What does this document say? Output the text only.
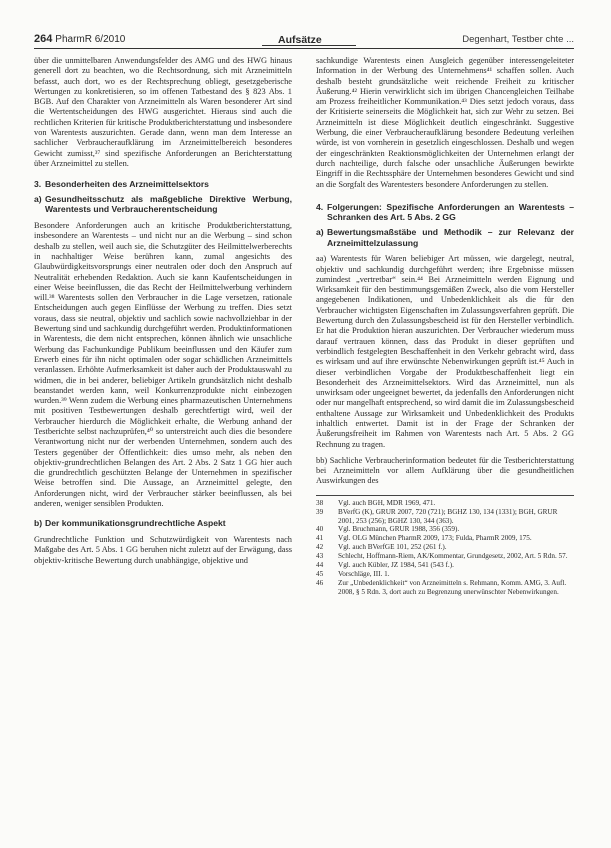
264 PharmR 6/2010	Aufsätze	Degenhart, Testber chte ...

über die unmittelbaren Anwendungsfelder des AMG und des HWG hinaus generell dort zu beachten, wo die Rechtsordnung, sich mit Arzneimitteln befasst, auch dort, wo es der Rechtsprechung obliegt, gesetzgeberische Wertungen zu konkretisieren, so im offenen Tatbestand des § 823 Abs. 1 BGB. Auf den Charakter von Arzneimitteln als Waren besonderer Art sind die Wertentscheidungen des HWG ausgerichtet. Hieraus sind auch die rechtlichen Kriterien für kritische Produktberichterstattung und insbesondere von Warentests auszurichten. Gerade dann, wenn man dem Interesse an sachlicher Verbraucheraufklärung im Arzneimittelbereich besonderes Gewicht zumisst,³⁷ sind spezifische Anforderungen an Berichterstattung über Arzneimittel zu stellen.

3. Besonderheiten des Arzneimittelsektors
a) Gesundheitsschutz als maßgebliche Direktive Werbung, Warentests und Verbraucherentscheidung

Besondere Anforderungen auch an kritische Produktberichterstattung, insbesondere an Warentests – und nicht nur an die Werbung – sind schon deshalb zu stellen, weil auch sie, die Schutzgüter des Heilmittelwerberechts in nachhaltiger Weise berühren kann, zumal angesichts des Glaubwürdigkeitsvorsprungs einer neutralen oder doch den Anspruch auf Neutralität erhebenden Redaktion. Auch sie kann Kaufentscheidungen in einer Weise beeinflussen, die das Recht der Heilmittelwerbung verhindern will.³⁸ Warentests sollen den Verbraucher in die Lage versetzen, rationale Entscheidungen auch gegen Einflüsse der Werbung zu treffen. Dies setzt voraus, dass sie neutral, objektiv und sachlich sowie nachvollziehbar in der Bewertung sind und sachkundig durchgeführt werden. Produktinformationen in Warentests, die dem nicht entsprechen, können ähnlich wie unsachliche Werbung das Fachunkundige Publikum beeinflussen und den Käufer zum Erwerb eines für ihn nicht optimalen oder sogar schädlichen Arzneimittels veranlassen. Erhöhte Aufmerksamkeit ist daher auch der Produktauswahl zu widmen, die in bei anderer, beliebiger Artikeln grundsätzlich nicht deshalb beanstandet werden kann, weil Konkurrenzprodukte nicht einbezogen wurden.³⁹ Wenn zudem die Werbung eines pharmazeutischen Unternehmens mit positiven Testbewertungen deshalb gerechtfertigt wird, weil der Verbraucher hierdurch die Möglichkeit erhalte, die Werbung anhand der Testberichte selbst nachzuprüfen,⁴⁰ so unterstreicht auch dies die besondere Verantwortung nicht nur der werbenden Unternehmen, sondern auch des Testers gegenüber der Öffentlichkeit: dies umso mehr, als neben den objektiv-grundrechtlichen Belangen des Art. 2 Abs. 2 Satz 1 GG hier auch die grundrechtlich geschützten Belange der Unternehmen in spezifischer Weise betroffen sind. Die Aussage, an Arzneimittel gelegte, den Anforderungen nicht, wird der Verbraucher stärker beeinflussen, als bei anderen, weniger sensiblen Produkten.

b) Der kommunikationsgrundrechtliche Aspekt

Grundrechtliche Funktion und Schutzwürdigkeit von Warentests nach Maßgabe des Art. 5 Abs. 1 GG beruhen nicht zuletzt auf der Erwägung, dass objektiv-kritische Bewertung durch unabhängige, objektive und

sachkundige Warentests einen Ausgleich gegenüber interessengeleiteter Information in der Werbung des Unternehmens⁴¹ schaffen sollen. Auch deshalb besteht grundsätzliche weit reichende Freiheit zu kritischer Äußerung.⁴² Hierin verwirklicht sich im übrigen Chancengleichen Teilhabe am Prozess freiheitlicher Kommunikation.⁴³ Dies setzt jedoch voraus, dass der Kritisierte seinerseits die Möglichkeit hat, sich zur Wehr zu setzen. Bei Arzneimitteln ist diese Möglichkeit deutlich eingeschränkt. Suggestive Werbung, die einer Verbraucheraufklärung besondere Bedeutung verleihen würde, ist von vornherein in gesetzlich eingeschlossen. Deshalb und wegen der eingeschränkten Reaktionsmöglichkeiten der Unternehmen erlangt der durch nachteilige, durch falsche oder unsachliche Äußerungen bewirkte Eingriff in die Rechtssphäre der Unternehmen besonderes Gewicht und sind an die Sorgfalt des Warentesters besondere Anforderungen zu stellen.

4. Folgerungen: Spezifische Anforderungen an Warentests – Schranken des Art. 5 Abs. 2 GG
a) Bewertungsmaßstäbe und Methodik – zur Relevanz der Arzneimittelzulassung

aa) Warentests für Waren beliebiger Art müssen, wie dargelegt, neutral, objektiv und sachkundig durchgeführt werden; ihre Ergebnisse müssen zumindest „vertretbar“ sein.⁴⁴ Bei Arzneimitteln werden Eignung und Wirksamkeit für den bestimmungsgemäßen Zweck, also die vom Hersteller angegebenen Indikationen, und Unbedenklichkeit als die für den Verbraucher wichtigsten Eigenschaften im Zulassungsverfahren geprüft. Die Bewertung durch den Zulassungsbescheid ist für den Hersteller verbindlich. Er hat die Produktion hieran auszurichten. Der Verbraucher wiederum muss darauf vertrauen können, dass das Produkt in dieser geprüften und verbindlich festgelegten Beschaffenheit in den Verkehr gebracht wird, dass es wirksam und auf ihre erwünschte Nebenwirkungen geprüft ist.⁴⁵ Auch in dieser verbindlichen Vorgabe der Produktbeschaffenheit liegt ein Besonderheit des Arzneimittelsektors. Wird das Arzneimittel, nun als unwirksam oder ungeeignet bewertet, da jedenfalls den Anforderungen nicht oder nur mangelhaft entsprechend, so wird damit die im Zulassungsbescheid enthaltene Aussage zur Wirksamkeit und Unbedenklichkeit des Produkts inhaltlich entwertet. Damit ist in der Frage der Schranken der Äußerungsfreiheit im Rahmen von Warentests nach Art. 5 Abs. 2 GG Rechnung zu tragen.

bb) Sachliche Verbraucherinformation bedeutet für die Testberichterstattung bei Arzneimitteln vor allem Aufklärung über die gesundheitlichen Auswirkungen des

38 Vgl. auch BGH, MDR 1969, 471.
39 BVerfG (K), GRUR 2007, 720 (721); BGHZ 130, 134 (1331); BGH, GRUR 2001, 253 (256); BGHZ 130, 344 (363).
40 Vgl. Bruchmann, GRUR 1988, 356 (359).
41 Vgl. OLG München PharmR 2009, 173; Fulda, PharmR 2009, 175.
42 Vgl. auch BVerfGE 101, 252 (261 f.).
43 Schlecht, Hoffmann-Riem, AK/Kommentar, Grundgesetz, 2002, Art. 5 Rdn. 57.
44 Vgl. auch Kübler, JZ 1984, 541 (543 f.).
45 Vorschläge, III. 1.
46 Zur „Unbedenklichkeit“ von Arzneimitteln s. Rehmann, Komm. AMG, 3. Aufl. 2008, § 5 Rdn. 3, dort auch zu Begrenzung unerwünschter Nebenwirkungen.
